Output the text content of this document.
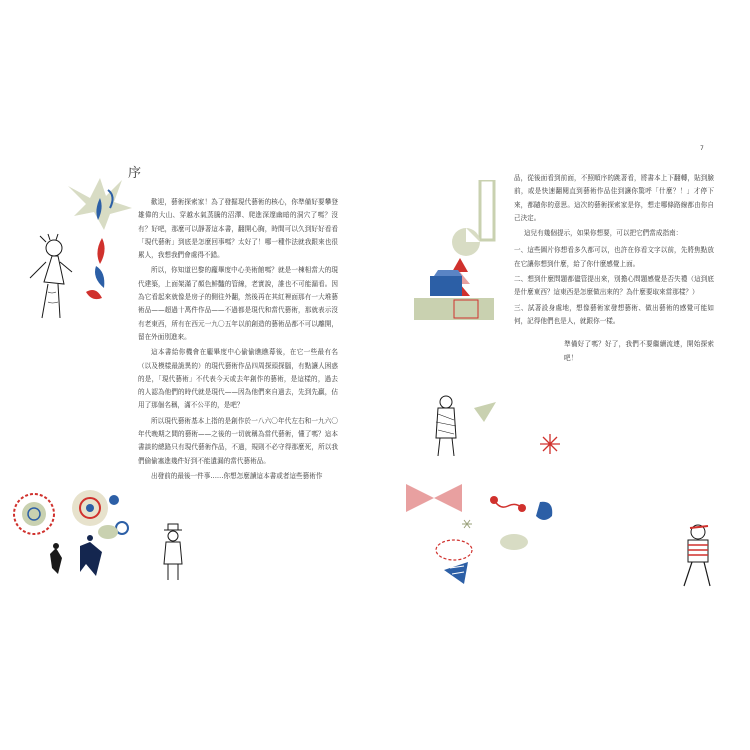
序

歡迎，藝術探索家！為了發掘現代藝術的核心，你準備好要攀登雄偉的大山、穿越水氣蒸騰的沼澤、爬進深邃幽暗的洞穴了嗎？沒有？好吧，那麼可以靜著這本書，翻開心胸，時間可以久到好好看看「現代藝術」到底是怎麼回事嗎？太好了！哪一種作法就我跟來也很累人，我想我們會處得不錯。

所以，你知道巴黎的龐畢度中心美術館嗎？就是一棟相當大的現代建築，上面架滿了顏色鮮豔的管線，老實說，誰也不可能漏看。因為它看起來就像是房子的側往外翻，然後再在其紅裡面那有一大堆藝術品——超過十萬件作品——不過都是現代和當代藝術，那就表示沒有老東西，所有在西元一九〇五年以前創造的藝術品都不可以離開，留在外面別進來。

這本書給你機會在龐畢度中心偷偷瞧瞧幕後，在它一些最有名（以及模樣最詭異的）的現代藝術作品四周探頭探腦，有點讓人困惑的是，「現代藝術」不代表今天或去年創作的藝術，是這樣的，過去的人認為他們的時代就是現代——因為他們來自過去，先到先贏，佔用了那個名稱，滿不公平的，是吧？

所以現代藝術基本上指的是創作於一八六〇年代左右和一九六〇年代晚期之間的藝術——之後的一切就稱為當代藝術，懂了嗎？這本書談的總路只有現代藝術作品，不過，規則不必守得那麼死，所以我們偷偷塞進幾件好到不能遺漏的當代藝術品。

出發前的最後一件事……你想怎麼讀這本書或者這些藝術作

7

品，從後面看到前面，不照順序的跳著看，將書本上下翻轉，貼到臉前，或是快速翻閱直到藝術作品佳到讓你驚呼「什麼？！」才停下來，都隨你的意思。這次的藝術探索家是你，想走哪條路線都由你自己決定。

這兒有幾個提示，如果你想要，可以把它們當成指南：

一、這些圖片你想看多久都可以，也許在你看文字以前，先將焦點放在它讓你想到什麼，給了你什麼感覺上面。
二、想到什麼問題都儘管提出來，別擔心問題感覺是否失禮（這到底是什麼東西？這東西是怎麼做出來的？為什麼要取來當那樣？）
三、試著設身處地，想像藝術家發想藝術、做出藝術的感覺可能如何，記得他們也是人，就跟你一樣。

準備好了嗎？好了，我們不要繼續流連，開始探索吧！
